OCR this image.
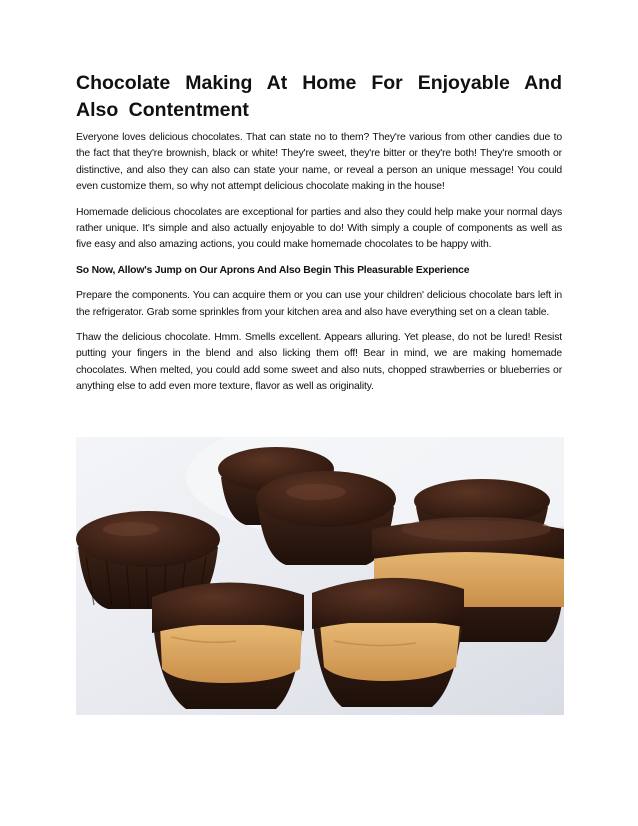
Chocolate Making At Home For Enjoyable And Also Contentment

Everyone loves delicious chocolates. That can state no to them? They're various from other candies due to the fact that they're brownish, black or white! They're sweet, they're bitter or they're both! They're smooth or distinctive, and also they can also can state your name, or reveal a person an unique message! You could even customize them, so why not attempt delicious chocolate making in the house!

Homemade delicious chocolates are exceptional for parties and also they could help make your normal days rather unique. It's simple and also actually enjoyable to do! With simply a couple of components as well as five easy and also amazing actions, you could make homemade chocolates to be happy with.

So Now, Allow's Jump on Our Aprons And Also Begin This Pleasurable Experience

Prepare the components. You can acquire them or you can use your children' delicious chocolate bars left in the refrigerator. Grab some sprinkles from your kitchen area and also have everything set on a clean table.

Thaw the delicious chocolate. Hmm. Smells excellent. Appears alluring. Yet please, do not be lured! Resist putting your fingers in the blend and also licking them off! Bear in mind, we are making homemade chocolates. When melted, you could add some sweet and also nuts, chopped strawberries or blueberries or anything else to add even more texture, flavor as well as originality.
